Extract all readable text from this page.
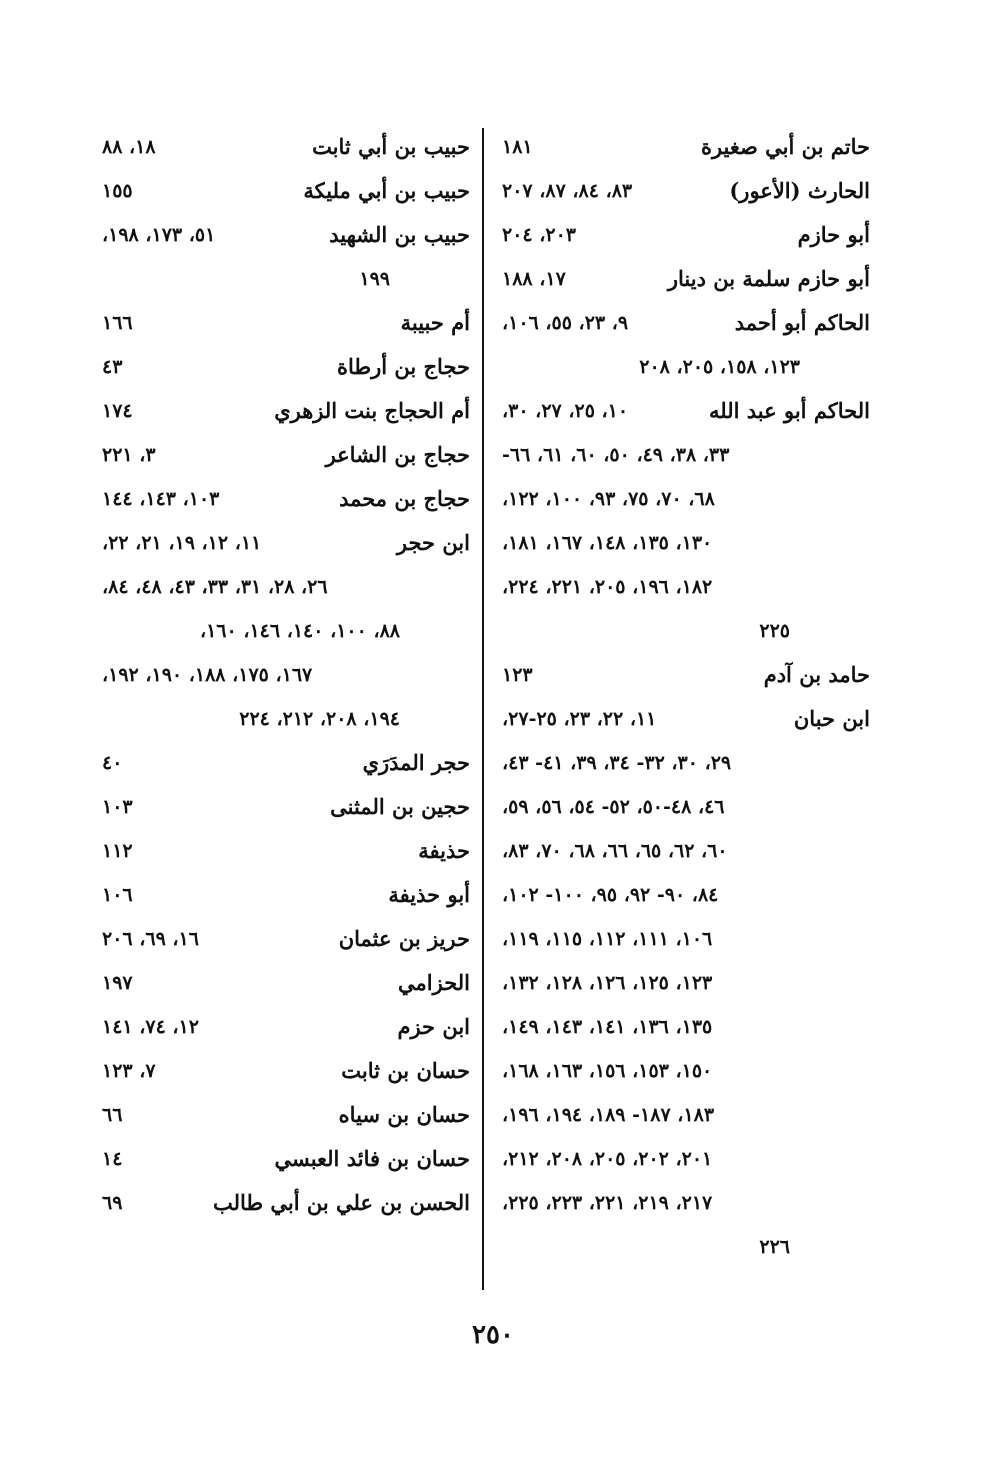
حاتم بن أبي صغيرة
١٨١
الحارث (الأعور)
٨٣، ٨٤، ٨٧، ٢٠٧
أبو حازم
٢٠٣، ٢٠٤
أبو حازم سلمة بن دينار
١٧، ١٨٨
الحاكم أبو أحمد
٩، ٢٣، ٥٥، ١٠٦،
١٢٣، ١٥٨، ٢٠٥، ٢٠٨
الحاكم أبو عبد الله
١٠، ٢٥، ٢٧، ٣٠،
٣٣، ٣٨، ٤٩، ٥٠، ٦٠، ٦١، ٦٦-
٦٨، ٧٠، ٧٥، ٩٣، ١٠٠، ١٢٢،
١٣٠، ١٣٥، ١٤٨، ١٦٧، ١٨١،
١٨٢، ١٩٦، ٢٠٥، ٢٢١، ٢٢٤،
٢٢٥
حامد بن آدم
١٢٣
ابن حبان
١١، ٢٢، ٢٣، ٢٥-٢٧،
٢٩، ٣٠، ٣٢- ٣٤، ٣٩، ٤١- ٤٣،
٤٦، ٤٨-٥٠، ٥٢- ٥٤، ٥٦، ٥٩،
٦٠، ٦٢، ٦٥، ٦٦، ٦٨، ٧٠، ٨٣،
٨٤، ٩٠- ٩٢، ٩٥، ١٠٠- ١٠٢،
١٠٦، ١١١، ١١٢، ١١٥، ١١٩،
١٢٣، ١٢٥، ١٢٦، ١٢٨، ١٣٢،
١٣٥، ١٣٦، ١٤١، ١٤٣، ١٤٩،
١٥٠، ١٥٣، ١٥٦، ١٦٣، ١٦٨،
١٨٣، ١٨٧- ١٨٩، ١٩٤، ١٩٦،
٢٠١، ٢٠٢، ٢٠٥، ٢٠٨، ٢١٢،
٢١٧، ٢١٩، ٢٢١، ٢٢٣، ٢٢٥،
٢٢٦
حبيب بن أبي ثابت
١٨، ٨٨
حبيب بن أبي مليكة
١٥٥
حبيب بن الشهيد
٥١، ١٧٣، ١٩٨،
١٩٩
أم حبيبة
١٦٦
حجاج بن أرطاة
٤٣
أم الحجاج بنت الزهري
١٧٤
حجاج بن الشاعر
٣، ٢٢١
حجاج بن محمد
١٠٣، ١٤٣، ١٤٤
ابن حجر
١١، ١٢، ١٩، ٢١، ٢٢،
٢٦، ٢٨، ٣١، ٣٣، ٤٣، ٤٨، ٨٤،
٨٨، ١٠٠، ١٤٠، ١٤٦، ١٦٠،
١٦٧، ١٧٥، ١٨٨، ١٩٠، ١٩٢،
١٩٤، ٢٠٨، ٢١٢، ٢٢٤
حجر المدَرَي
٤٠
حجين بن المثنى
١٠٣
حذيفة
١١٢
أبو حذيفة
١٠٦
حريز بن عثمان
١٦، ٦٩، ٢٠٦
الحزامي
١٩٧
ابن حزم
١٢، ٧٤، ١٤١
حسان بن ثابت
٧، ١٢٣
حسان بن سياه
٦٦
حسان بن فائد العبسي
١٤
الحسن بن علي بن أبي طالب
٦٩
٢٥٠
